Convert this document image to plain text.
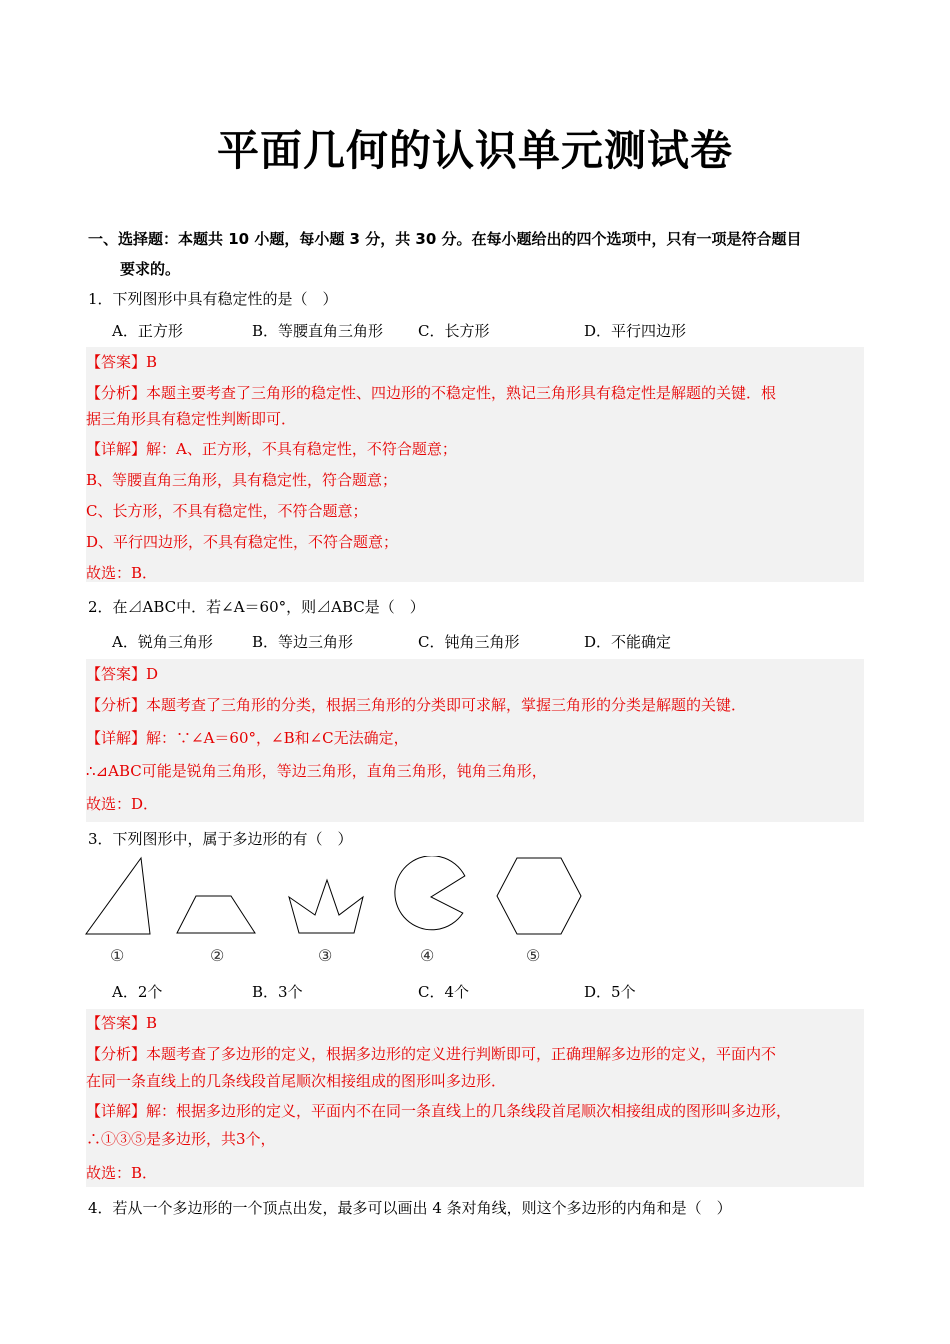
平面几何的认识单元测试卷
一、选择题：本题共 10 小题，每小题 3 分，共 30 分。在每小题给出的四个选项中，只有一项是符合题目
要求的。
1．下列图形中具有稳定性的是（　）
A．正方形	B．等腰直角三角形 C．长方形	D．平行四边形
【答案】B
【分析】本题主要考查了三角形的稳定性、四边形的不稳定性，熟记三角形具有稳定性是解题的关键．根
据三角形具有稳定性判断即可．
【详解】解：A、正方形，不具有稳定性，不符合题意；
B、等腰直角三角形，具有稳定性，符合题意；
C、长方形，不具有稳定性，不符合题意；
D、平行四边形，不具有稳定性，不符合题意；
故选：B．
2．在⊿ABC中．若∠A＝60°，则⊿ABC是（　）
A．锐角三角形	B．等边三角形	C．钝角三角形	D．不能确定
【答案】D
【分析】本题考查了三角形的分类，根据三角形的分类即可求解，掌握三角形的分类是解题的关键．
【详解】解：∵∠A＝60°，∠B和∠C无法确定，
∴⊿ABC可能是锐角三角形，等边三角形，直角三角形，钝角三角形，
故选：D．
3．下列图形中，属于多边形的有（　）
①	②	③	④	⑤
A．2个	B．3个	C．4个	D．5个
【答案】B
【分析】本题考查了多边形的定义，根据多边形的定义进行判断即可，正确理解多边形的定义，平面内不
在同一条直线上的几条线段首尾顺次相接组成的图形叫多边形．
【详解】解：根据多边形的定义，平面内不在同一条直线上的几条线段首尾顺次相接组成的图形叫多边形，
∴①③⑤是多边形，共3个，
故选：B．
4．若从一个多边形的一个顶点出发，最多可以画出 4 条对角线，则这个多边形的内角和是（　）
